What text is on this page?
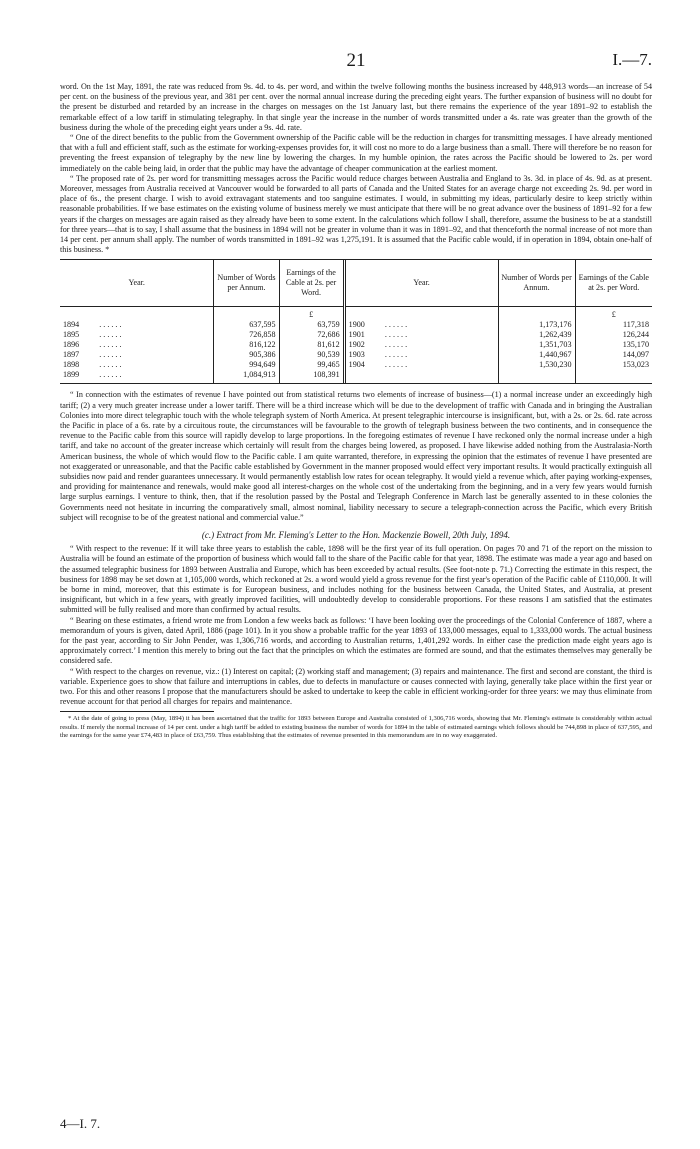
21	I.—7.

word. On the 1st May, 1891, the rate was reduced from 9s. 4d. to 4s. per word, and within the twelve following months the business increased by 448,913 words—an increase of 54 per cent. on the business of the previous year, and 381 per cent. over the normal annual increase during the preceding eight years. The further expansion of business will no doubt for the present be disturbed and retarded by an increase in the charges on messages on the 1st January last, but there remains the experience of the year 1891–92 to establish the remarkable effect of a low tariff in stimulating telegraphy. In that single year the increase in the number of words transmitted under a 4s. rate was greater than the growth of the business during the whole of the preceding eight years under a 9s. 4d. rate.

“ One of the direct benefits to the public from the Government ownership of the Pacific cable will be the reduction in charges for transmitting messages. I have already mentioned that with a full and efficient staff, such as the estimate for working-expenses provides for, it will cost no more to do a large business than a small. There will therefore be no reason for preventing the freest expansion of telegraphy by the new line by lowering the charges. In my humble opinion, the rates across the Pacific should be lowered to 2s. per word immediately on the cable being laid, in order that the public may have the advantage of cheaper communication at the earliest moment.

“ The proposed rate of 2s. per word for transmitting messages across the Pacific would reduce charges between Australia and England to 3s. 3d. in place of 4s. 9d. as at present. Moreover, messages from Australia received at Vancouver would be forwarded to all parts of Canada and the United States for an average charge not exceeding 2s. 9d. per word in place of 6s., the present charge. I wish to avoid extravagant statements and too sanguine estimates. I would, in submitting my ideas, particularly desire to keep strictly within reasonable probabilities. If we base estimates on the existing volume of business merely we must anticipate that there will be no great advance over the business of 1891–92 for a few years if the charges on messages are again raised as they already have been to some extent. In the calculations which follow I shall, therefore, assume the business to be at a standstill for three years—that is to say, I shall assume that the business in 1894 will not be greater in volume than it was in 1891–92, and that thenceforth the normal increase of not more than 14 per cent. per annum shall apply. The number of words transmitted in 1891–92 was 1,275,191. It is assumed that the Pacific cable would, if in operation in 1894, obtain one-half of this business. *

Year.	Number of Words per Annum.	Earnings of the Cable at 2s. per Word.	Year.	Number of Words per Annum.	Earnings of the Cable at 2s. per Word.
		£			£
1894 . . . . . .	637,595	63,759	1900 . . . . . .	1,173,176	117,318
1895 . . . . . .	726,858	72,686	1901 . . . . . .	1,262,439	126,244
1896 . . . . . .	816,122	81,612	1902 . . . . . .	1,351,703	135,170
1897 . . . . . .	905,386	90,539	1903 . . . . . .	1,440,967	144,097
1898 . . . . . .	994,649	99,465	1904 . . . . . .	1,530,230	153,023
1899 . . . . . .	1,084,913	108,391			

“ In connection with the estimates of revenue I have pointed out from statistical returns two elements of increase of business—(1) a normal increase under an exceedingly high tariff; (2) a very much greater increase under a lower tariff. There will be a third increase which will be due to the development of traffic with Canada and in bringing the Australian Colonies into more direct telegraphic touch with the whole telegraph system of North America. At present telegraphic intercourse is insignificant, but, with a 2s. or 2s. 6d. rate across the Pacific in place of a 6s. rate by a circuitous route, the circumstances will be favourable to the growth of telegraph business between the two continents, and in consequence the revenue to the Pacific cable from this source will rapidly develop to large proportions. In the foregoing estimates of revenue I have reckoned only the normal increase under a high tariff, and take no account of the greater increase which certainly will result from the charges being lowered, as proposed. I have likewise added nothing from the Australasia-North American business, the whole of which would flow to the Pacific cable. I am quite warranted, therefore, in expressing the opinion that the estimates of revenue I have presented are not exaggerated or unreasonable, and that the Pacific cable established by Government in the manner proposed would effect very important results. It would practically extinguish all subsidies now paid and render guarantees unnecessary. It would permanently establish low rates for ocean telegraphy. It would yield a revenue which, after paying working-expenses, and providing for maintenance and renewals, would make good all interest-charges on the whole cost of the undertaking from the beginning, and in a very few years would furnish large surplus earnings. I venture to think, then, that if the resolution passed by the Postal and Telegraph Conference in March last be generally assented to in these colonies the Governments need not hesitate in incurring the comparatively small, almost nominal, liability necessary to secure a telegraph-connection across the Pacific, which every British subject will recognise to be of the greatest national and commercial value.”

(c.) Extract from Mr. Fleming's Letter to the Hon. Mackenzie Bowell, 20th July, 1894.

“ With respect to the revenue: If it will take three years to establish the cable, 1898 will be the first year of its full operation. On pages 70 and 71 of the report on the mission to Australia will be found an estimate of the proportion of business which would fall to the share of the Pacific cable for that year, 1898. The estimate was made a year ago and based on the assumed telegraphic business for 1893 between Australia and Europe, which has been exceeded by actual results. (See foot-note p. 71.) Correcting the estimate in this respect, the business for 1898 may be set down at 1,105,000 words, which reckoned at 2s. a word would yield a gross revenue for the first year's operation of the Pacific cable of £110,000. It will be borne in mind, moreover, that this estimate is for European business, and includes nothing for the business between Canada, the United States, and Australia, at present insignificant, but which in a few years, with greatly improved facilities, will undoubtedly develop to considerable proportions. For these reasons I am satisfied that the estimates submitted will be fully realised and more than confirmed by actual results.

“ Bearing on these estimates, a friend wrote me from London a few weeks back as follows: ‘I have been looking over the proceedings of the Colonial Conference of 1887, where a memorandum of yours is given, dated April, 1886 (page 101). In it you show a probable traffic for the year 1893 of 133,000 messages, equal to 1,333,000 words. The actual business for the past year, according to Sir John Pender, was 1,306,716 words, and according to Australian returns, 1,401,292 words. In either case the prediction made eight years ago is approximately correct.’ I mention this merely to bring out the fact that the principles on which the estimates are formed are sound, and that the estimates themselves may generally be considered safe.

“ With respect to the charges on revenue, viz.: (1) Interest on capital; (2) working staff and management; (3) repairs and maintenance. The first and second are constant, the third is variable. Experience goes to show that failure and interruptions in cables, due to defects in manufacture or causes connected with laying, generally take place within the first year or two. For this and other reasons I propose that the manufacturers should be asked to undertake to keep the cable in efficient working-order for three years: we may thus eliminate from revenue account for that period all charges for repairs and maintenance.

* At the date of going to press (May, 1894) it has been ascertained that the traffic for 1893 between Europe and Australia consisted of 1,306,716 words, showing that Mr. Fleming's estimate is considerably within actual results. If merely the normal increase of 14 per cent. under a high tariff be added to existing business the number of words for 1894 in the table of estimated earnings which follows should be 744,898 in place of 637,595, and the earnings for the same year £74,483 in place of £63,759. Thus establishing that the estimates of revenue presented in this memorandum are in no way exaggerated.

4—I. 7.
